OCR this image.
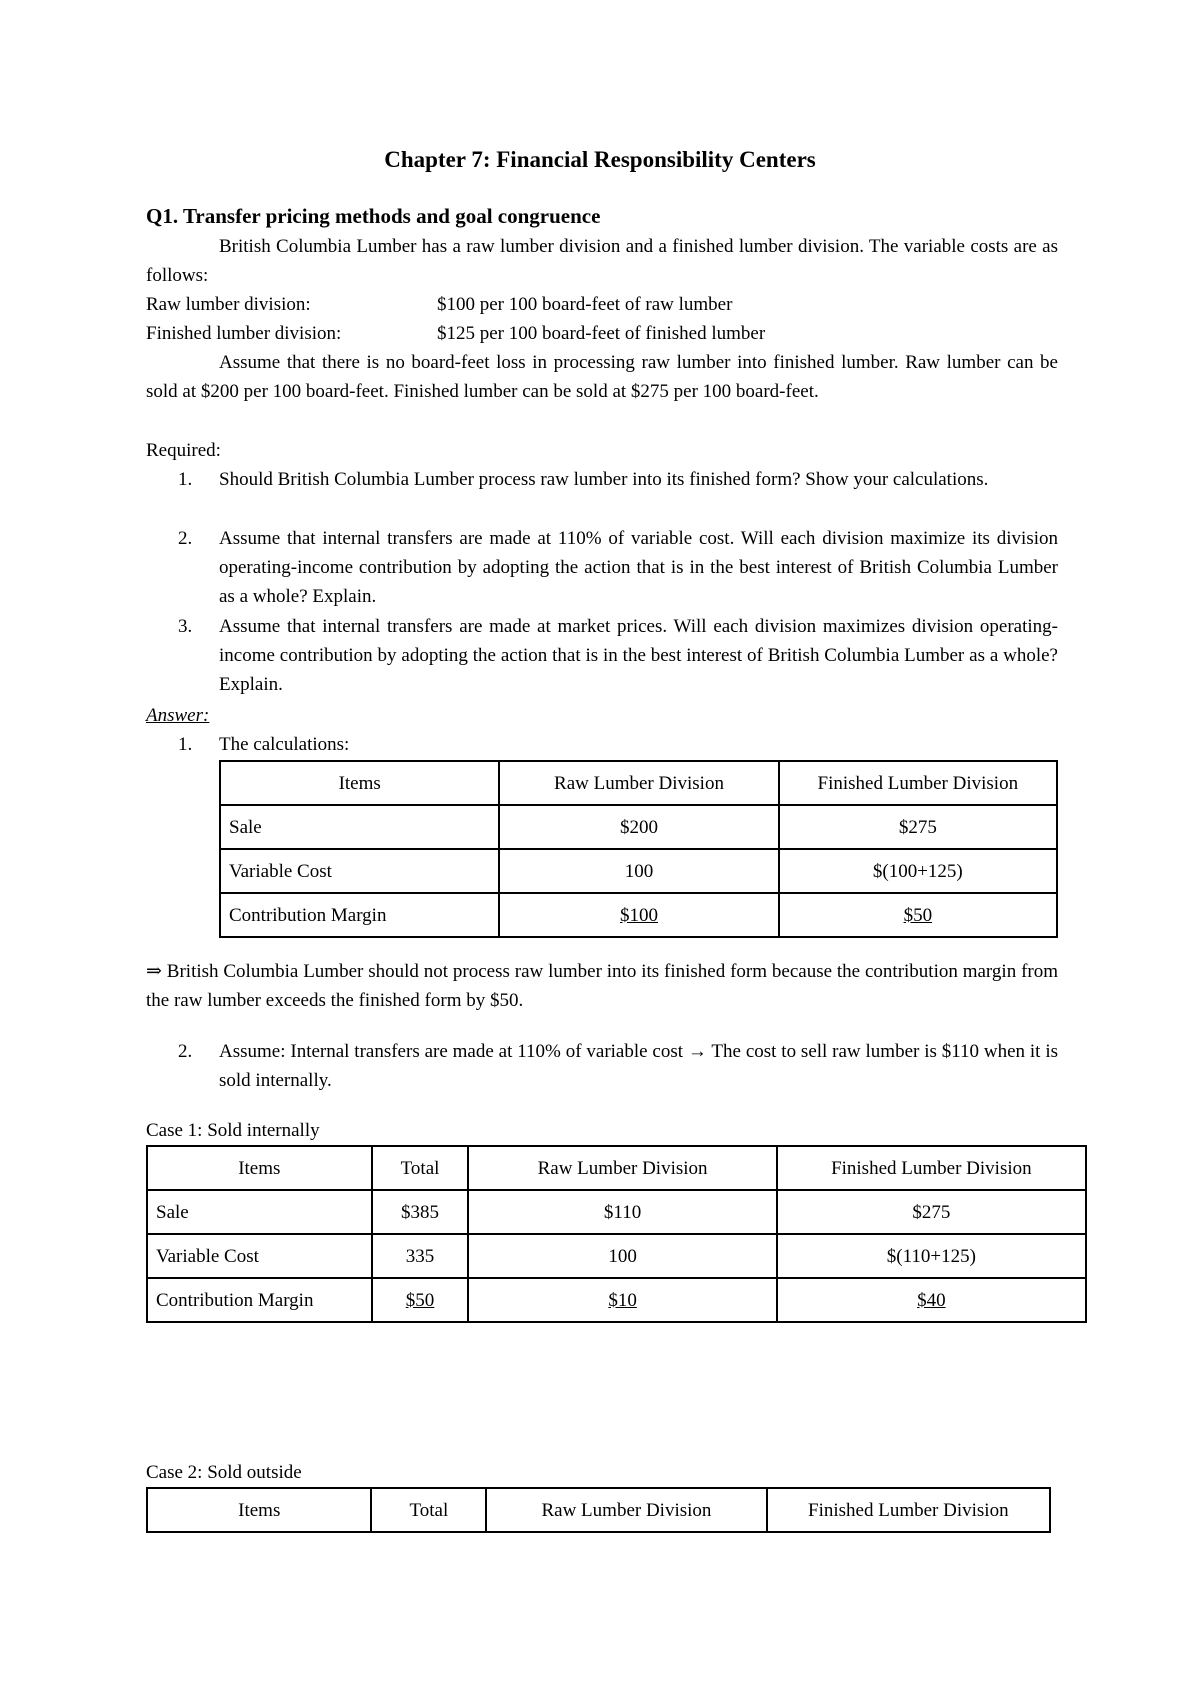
Chapter 7: Financial Responsibility Centers
Q1. Transfer pricing methods and goal congruence
British Columbia Lumber has a raw lumber division and a finished lumber division. The variable costs are as follows:
Raw lumber division:	$100 per 100 board-feet of raw lumber
Finished lumber division:	$125 per 100 board-feet of finished lumber
Assume that there is no board-feet loss in processing raw lumber into finished lumber. Raw lumber can be sold at $200 per 100 board-feet. Finished lumber can be sold at $275 per 100 board-feet.
Required:
1. Should British Columbia Lumber process raw lumber into its finished form? Show your calculations.
2. Assume that internal transfers are made at 110% of variable cost. Will each division maximize its division operating-income contribution by adopting the action that is in the best interest of British Columbia Lumber as a whole? Explain.
3. Assume that internal transfers are made at market prices. Will each division maximizes division operating-income contribution by adopting the action that is in the best interest of British Columbia Lumber as a whole? Explain.
Answer:
1. The calculations:
Items	Raw Lumber Division	Finished Lumber Division
Sale	$200	$275
Variable Cost	100	$(100+125)
Contribution Margin	$100	$50
⇒ British Columbia Lumber should not process raw lumber into its finished form because the contribution margin from the raw lumber exceeds the finished form by $50.
2. Assume: Internal transfers are made at 110% of variable cost → The cost to sell raw lumber is $110 when it is sold internally.
Case 1: Sold internally
Items	Total	Raw Lumber Division	Finished Lumber Division
Sale	$385	$110	$275
Variable Cost	335	100	$(110+125)
Contribution Margin	$50	$10	$40
Case 2: Sold outside
Items	Total	Raw Lumber Division	Finished Lumber Division
